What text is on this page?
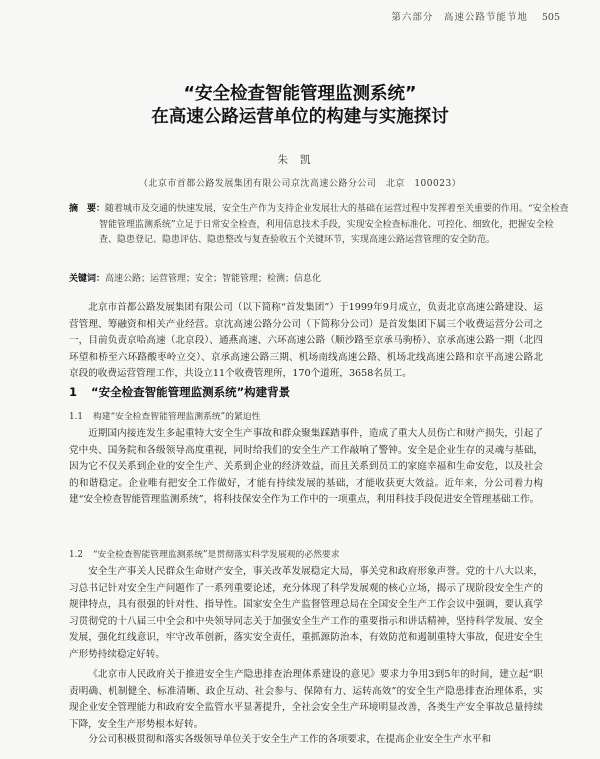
第六部分　高速公路节能节地 505
“安全检查智能管理监测系统”
在高速公路运营单位的构建与实施探讨
朱凯
（北京市首都公路发展集团有限公司京沈高速公路分公司　北京　100023）
摘　要：随着城市及交通的快速发展，安全生产作为支持企业发展壮大的基础在运营过程中发挥着至关重要的作用。“安全检查智能管理监测系统”立足于日常安全检查，利用信息技术手段，实现安全检查标准化、可控化、细致化，把握安全检查、隐患登记、隐患评估、隐患整改与复查验收五个关键环节，实现高速公路运营管理的安全防范。
关键词：高速公路；运营管理；安全；智能管理；检测；信息化

北京市首都公路发展集团有限公司（以下简称“首发集团”）于1999年9月成立，负责北京高速公路建设、运营管理、筹融资和相关产业经营。京沈高速公路分公司（下简称分公司）是首发集团下属三个收费运营分公司之一，目前负责京哈高速（北京段）、通燕高速、六环高速公路（顺沙路至京承马驹桥）、京承高速公路一期（北四环望和桥至六环路酸枣岭立交）、京承高速公路三期、机场南线高速公路、机场北线高速公路和京平高速公路北京段的收费运营管理工作，共设立11个收费管理所，170个道班，3658名员工。

1 “安全检查智能管理监测系统”构建背景
1.1 构建“安全检查智能管理监测系统”的紧迫性

近期国内接连发生多起重特大安全生产事故和群众聚集踩踏事件，造成了重大人员伤亡和财产损失，引起了党中央、国务院和各级领导高度重视，同时给我们的安全生产工作敲响了警钟。安全是企业生存的灵魂与基础，因为它不仅关系到企业的安全生产、关系到企业的经济效益，而且关系到员工的家庭幸福和生命安危，以及社会的和谐稳定。企业唯有把安全工作做好，才能有持续发展的基础，才能收获更大效益。近年来，分公司着力构建“安全检查智能管理监测系统”，将科技保安全作为工作中的一项重点，利用科技手段促进安全管理基础工作。

1.2 “安全检查智能管理监测系统”是贯彻落实科学发展观的必然要求

安全生产事关人民群众生命财产安全，事关改革发展稳定大局，事关党和政府形象声誉。党的十八大以来，习总书记针对安全生产问题作了一系列重要论述，充分体现了科学发展观的核心立场，揭示了现阶段安全生产的规律特点，具有很强的针对性、指导性。国家安全生产监督管理总局在全国安全生产工作会议中强调，要认真学习贯彻党的十八届三中全会和中央领导同志关于加强安全生产工作的重要指示和讲话精神，坚持科学发展、安全发展，强化红线意识，牢守改革创新，落实安全责任，重抓源防治本，有效防范和遏制重特大事故，促进安全生产形势持续稳定好转。

《北京市人民政府关于推进安全生产隐患排查治理体系建设的意见》要求力争用3到5年的时间，建立起“职责明确、机制健全、标准清晰、政企互动、社会参与、保障有力、运转高效”的安全生产隐患排查治理体系，实现企业安全管理能力和政府安全监管水平显著提升，全社会安全生产环境明显改善，各类生产安全事故总量持续下降，安全生产形势根本好转。

分公司积极贯彻和落实各级领导单位关于安全生产工作的各项要求，在提高企业安全生产水平和
